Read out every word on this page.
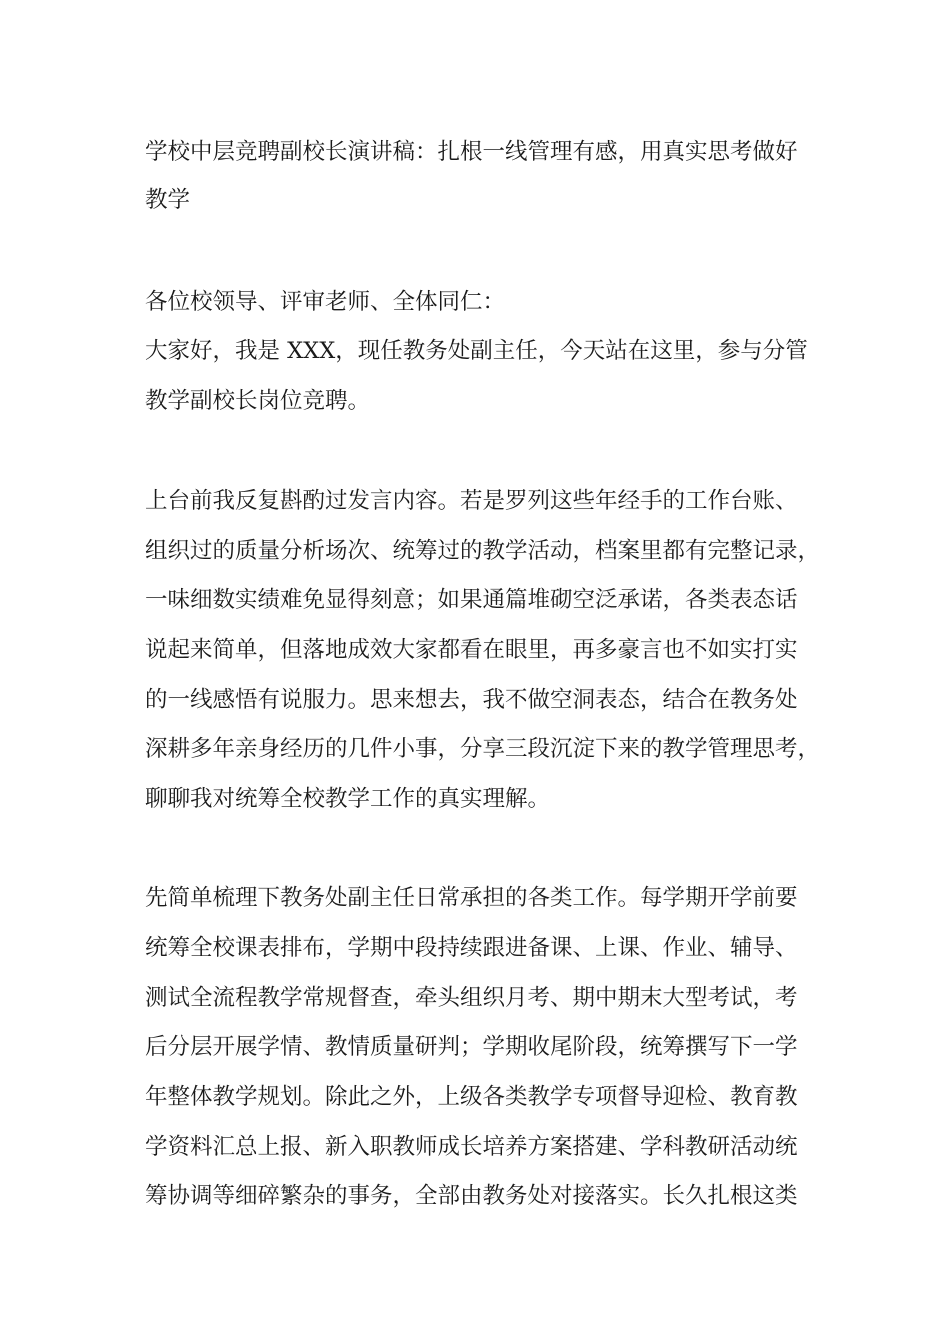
学校中层竞聘副校长演讲稿：扎根一线管理有感，用真实思考做好

教学

各位校领导、评审老师、全体同仁：

大家好，我是 XXX，现任教务处副主任，今天站在这里，参与分管

教学副校长岗位竞聘。

上台前我反复斟酌过发言内容。若是罗列这些年经手的工作台账、

组织过的质量分析场次、统筹过的教学活动，档案里都有完整记录，

一味细数实绩难免显得刻意；如果通篇堆砌空泛承诺，各类表态话

说起来简单，但落地成效大家都看在眼里，再多豪言也不如实打实

的一线感悟有说服力。思来想去，我不做空洞表态，结合在教务处

深耕多年亲身经历的几件小事，分享三段沉淀下来的教学管理思考，

聊聊我对统筹全校教学工作的真实理解。

先简单梳理下教务处副主任日常承担的各类工作。每学期开学前要

统筹全校课表排布，学期中段持续跟进备课、上课、作业、辅导、

测试全流程教学常规督查，牵头组织月考、期中期末大型考试，考

后分层开展学情、教情质量研判；学期收尾阶段，统筹撰写下一学

年整体教学规划。除此之外，上级各类教学专项督导迎检、教育教

学资料汇总上报、新入职教师成长培养方案搭建、学科教研活动统

筹协调等细碎繁杂的事务，全部由教务处对接落实。长久扎根这类
